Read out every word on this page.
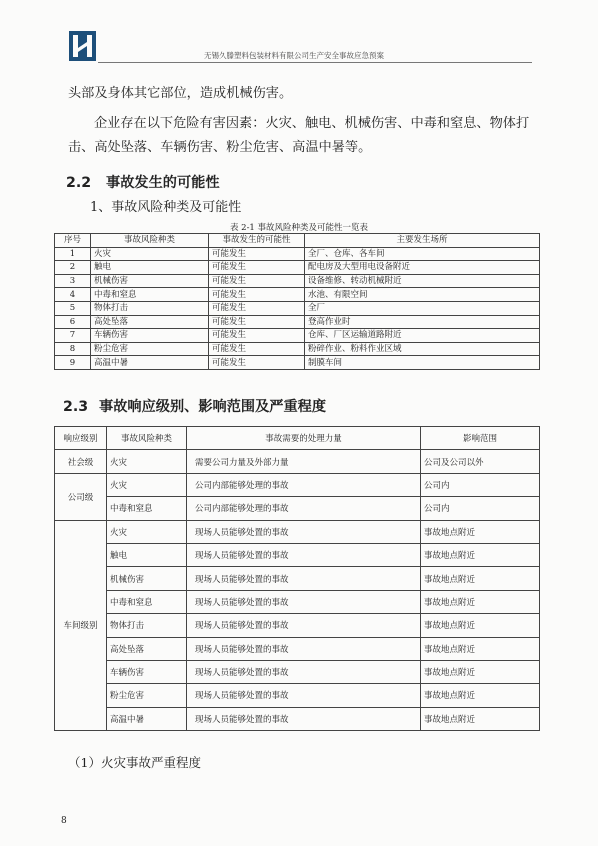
无锡久滕塑料包装材料有限公司生产安全事故应急预案
头部及身体其它部位，造成机械伤害。
企业存在以下危险有害因素：火灾、触电、机械伤害、中毒和窒息、物体打击、高处坠落、车辆伤害、粉尘危害、高温中暑等。
2.2 事故发生的可能性
1、事故风险种类及可能性
表 2-1 事故风险种类及可能性一览表
序号	事故风险种类	事故发生的可能性	主要发生场所
1	火灾	可能发生	全厂、仓库、各车间
2	触电	可能发生	配电房及大型用电设备附近
3	机械伤害	可能发生	设备维修、转动机械附近
4	中毒和窒息	可能发生	水池、有限空间
5	物体打击	可能发生	全厂
6	高处坠落	可能发生	登高作业时
7	车辆伤害	可能发生	仓库、厂区运输道路附近
8	粉尘危害	可能发生	粉碎作业、粉料作业区域
9	高温中暑	可能发生	制膜车间
2.3 事故响应级别、影响范围及严重程度
响应级别	事故风险种类	事故需要的处理力量	影响范围
社会级	火灾	需要公司力量及外部力量	公司及公司以外
公司级	火灾	公司内部能够处理的事故	公司内
	中毒和窒息	公司内部能够处理的事故	公司内
车间级别	火灾	现场人员能够处置的事故	事故地点附近
	触电	现场人员能够处置的事故	事故地点附近
	机械伤害	现场人员能够处置的事故	事故地点附近
	中毒和窒息	现场人员能够处置的事故	事故地点附近
	物体打击	现场人员能够处置的事故	事故地点附近
	高处坠落	现场人员能够处置的事故	事故地点附近
	车辆伤害	现场人员能够处置的事故	事故地点附近
	粉尘危害	现场人员能够处置的事故	事故地点附近
	高温中暑	现场人员能够处置的事故	事故地点附近
（1）火灾事故严重程度
8
